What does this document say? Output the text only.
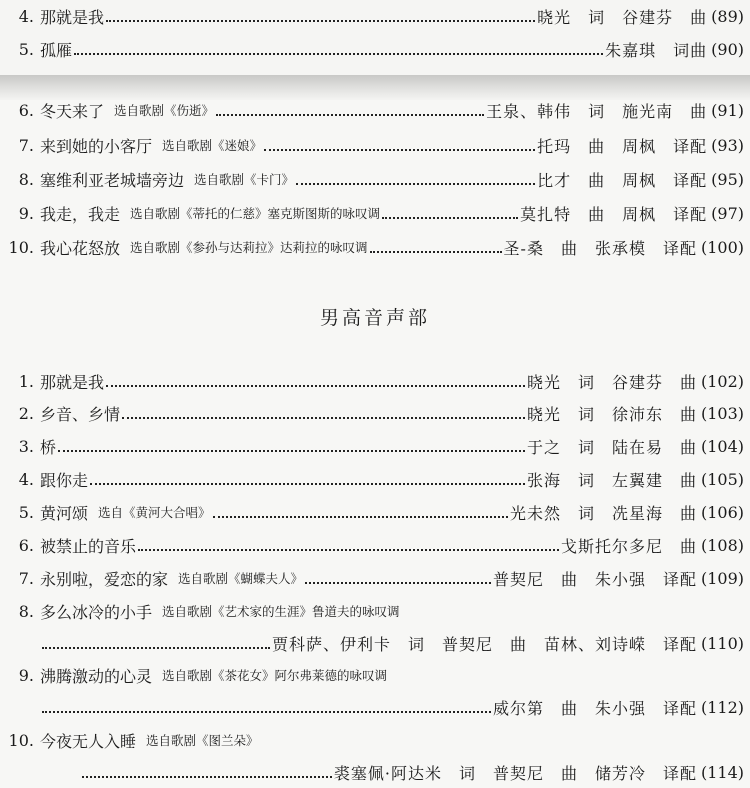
4. 那就是我	晓光　词　谷建芬　曲 (89)
5. 孤雁	朱嘉琪　词曲 (90)
6. 冬天来了 选自歌剧《伤逝》	王泉、韩伟　词　施光南　曲 (91)
7. 来到她的小客厅 选自歌剧《迷娘》	托玛　曲　周枫　译配 (93)
8. 塞维利亚老城墙旁边 选自歌剧《卡门》	比才　曲　周枫　译配 (95)
9. 我走，我走 选自歌剧《蒂托的仁慈》塞克斯图斯的咏叹调	莫扎特　曲　周枫　译配 (97)
10. 我心花怒放 选自歌剧《参孙与达莉拉》达莉拉的咏叹调	圣-桑　曲　张承模　译配 (100)
男高音声部
1. 那就是我	晓光　词　谷建芬　曲 (102)
2. 乡音、乡情	晓光　词　徐沛东　曲 (103)
3. 桥	于之　词　陆在易　曲 (104)
4. 跟你走	张海　词　左翼建　曲 (105)
5. 黄河颂 选自《黄河大合唱》	光未然　词　冼星海　曲 (106)
6. 被禁止的音乐	戈斯托尔多尼　曲 (108)
7. 永别啦，爱恋的家 选自歌剧《蝴蝶夫人》	普契尼　曲　朱小强　译配 (109)
8. 多么冰冷的小手 选自歌剧《艺术家的生涯》鲁道夫的咏叹调
贾科萨、伊利卡　词　普契尼　曲　苗林、刘诗嵘　译配 (110)
9. 沸腾激动的心灵 选自歌剧《茶花女》阿尔弗莱德的咏叹调
威尔第　曲　朱小强　译配 (112)
10. 今夜无人入睡 选自歌剧《图兰朵》
裘塞佩·阿达米　词　普契尼　曲　储芳冷　译配 (114)
